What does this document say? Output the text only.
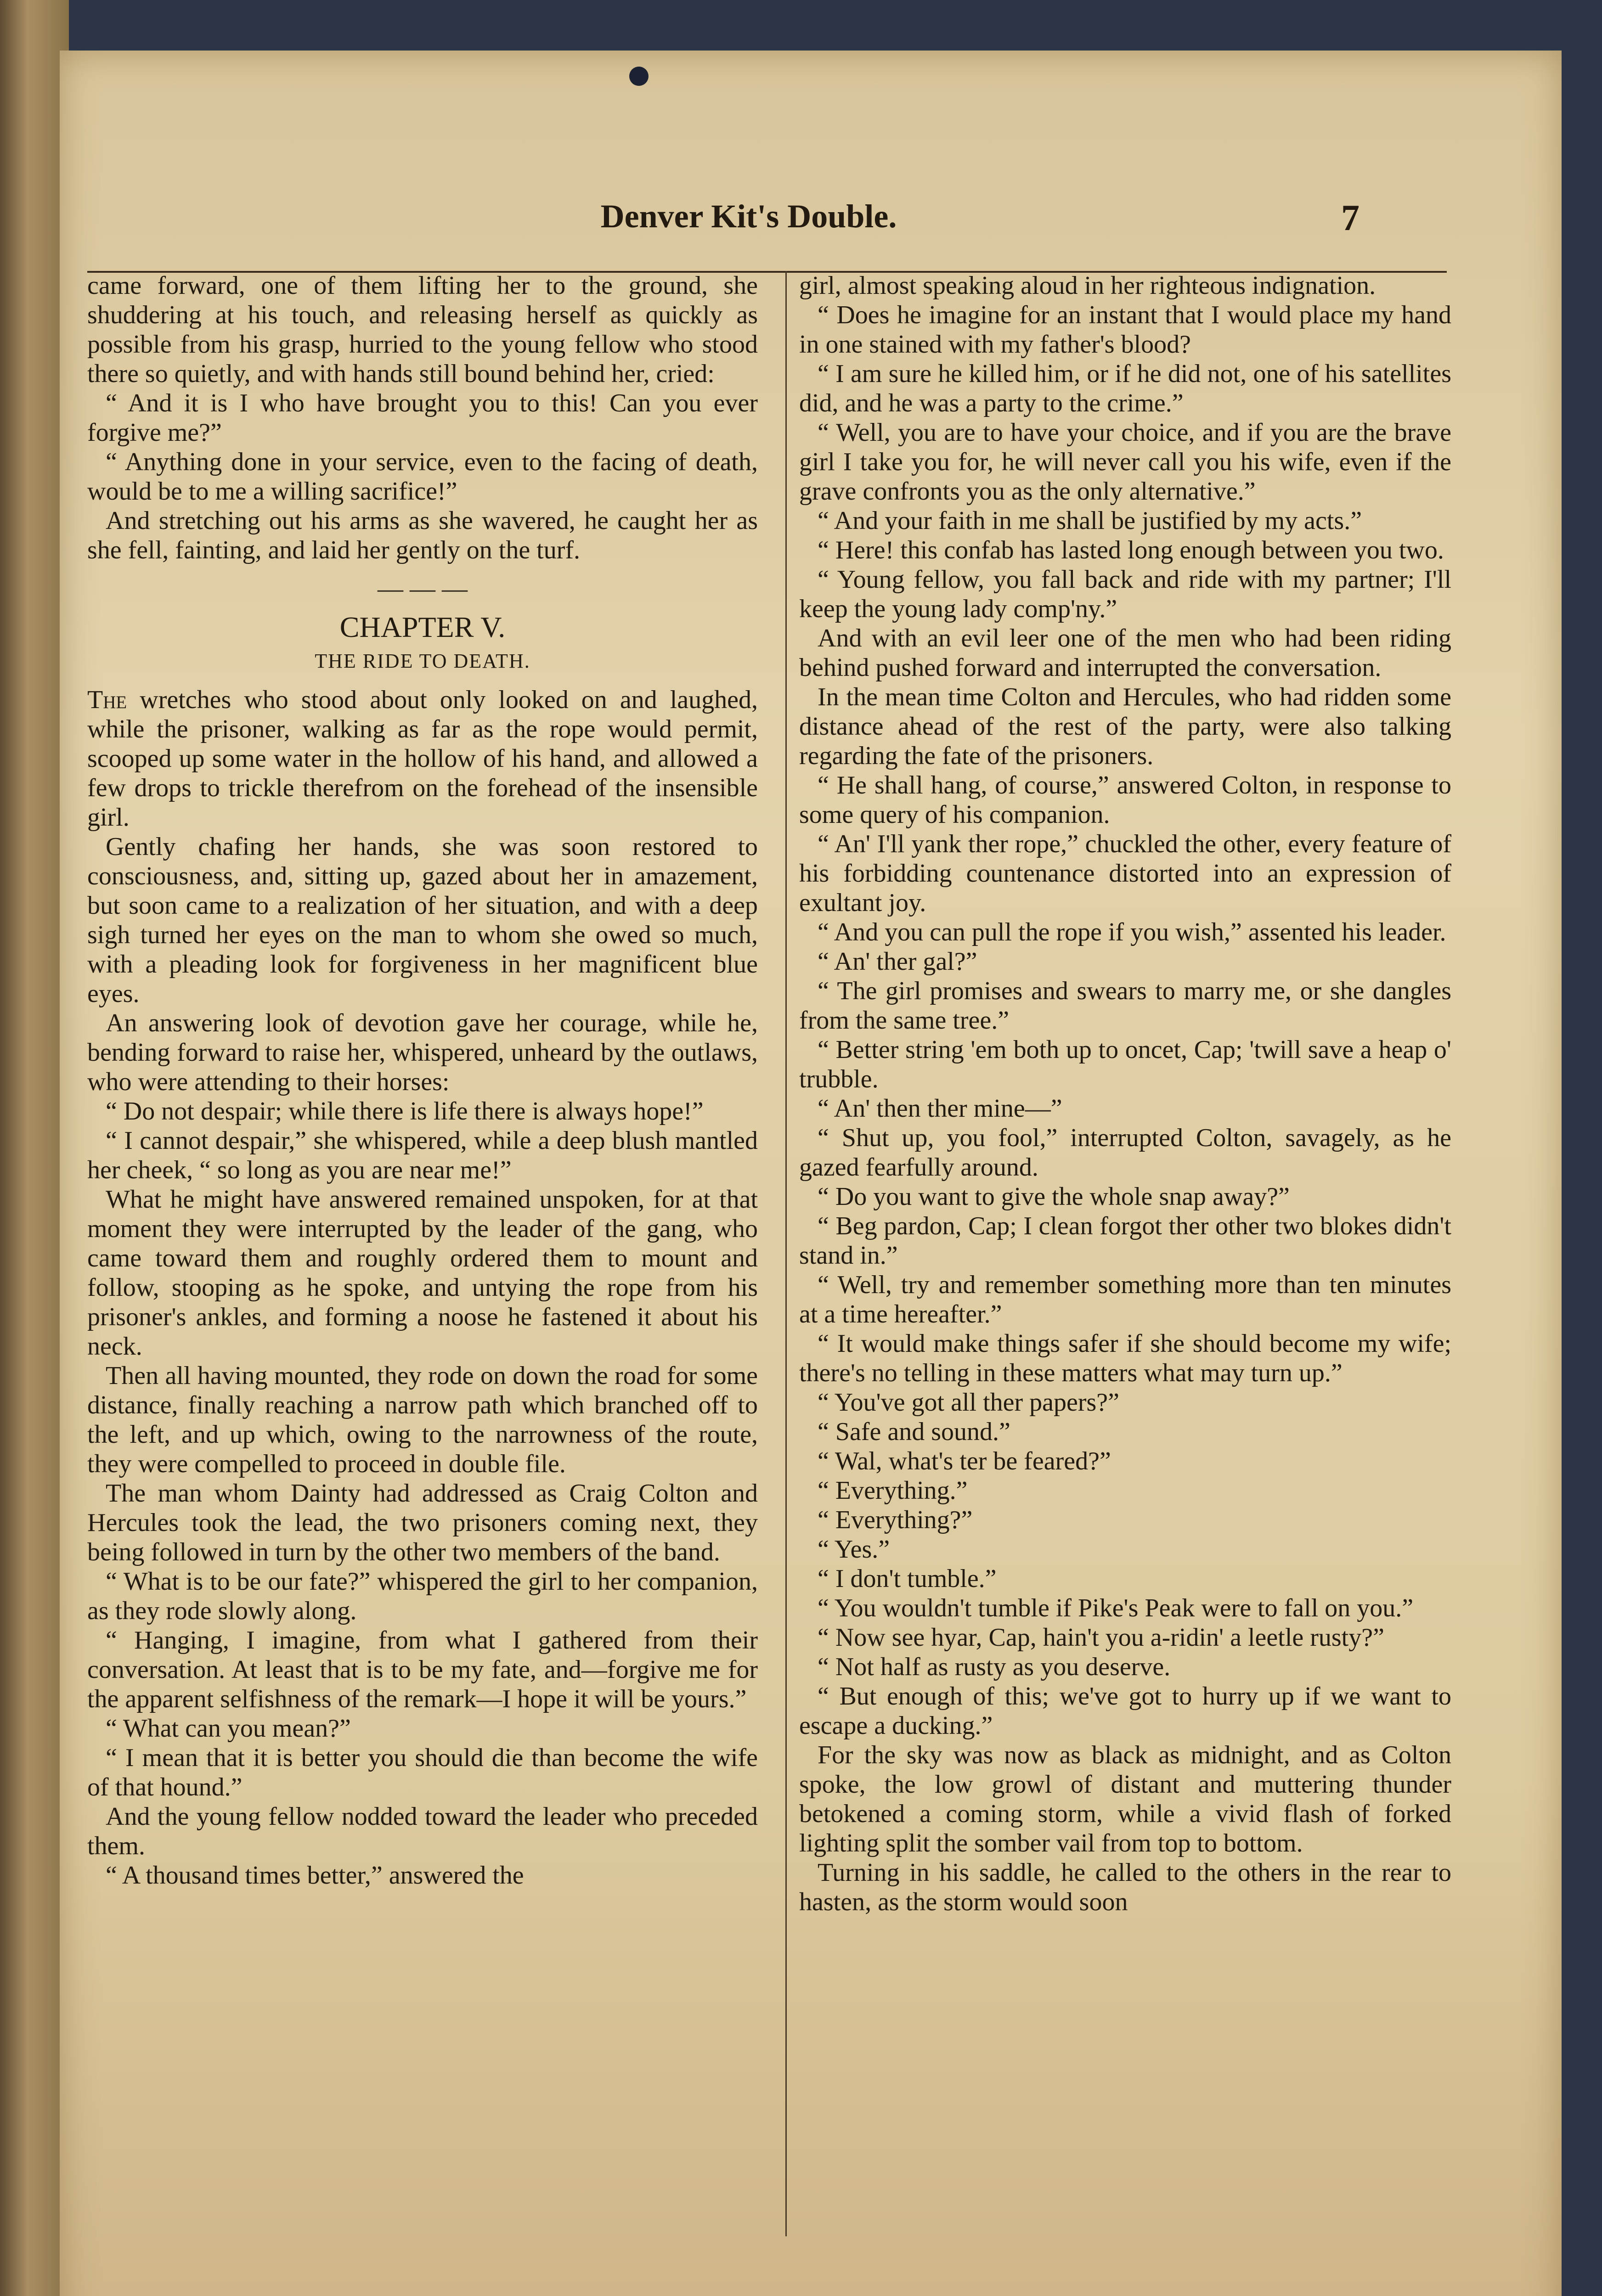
Denver Kit's Double.	7

came forward, one of them lifting her to the ground, she shuddering at his touch, and releasing herself as quickly as possible from his grasp, hurried to the young fellow who stood there so quietly, and with hands still bound behind her, cried:

“ And it is I who have brought you to this! Can you ever forgive me?”

“ Anything done in your service, even to the facing of death, would be to me a willing sacrifice!”

And stretching out his arms as she wavered, he caught her as she fell, fainting, and laid her gently on the turf.

— — —
CHAPTER V.
THE RIDE TO DEATH.

The wretches who stood about only looked on and laughed, while the prisoner, walking as far as the rope would permit, scooped up some water in the hollow of his hand, and allowed a few drops to trickle therefrom on the forehead of the insensible girl.

Gently chafing her hands, she was soon restored to consciousness, and, sitting up, gazed about her in amazement, but soon came to a realization of her situation, and with a deep sigh turned her eyes on the man to whom she owed so much, with a pleading look for forgiveness in her magnificent blue eyes.

An answering look of devotion gave her courage, while he, bending forward to raise her, whispered, unheard by the outlaws, who were attending to their horses:

“ Do not despair; while there is life there is always hope!”

“ I cannot despair,” she whispered, while a deep blush mantled her cheek, “ so long as you are near me!”

What he might have answered remained unspoken, for at that moment they were interrupted by the leader of the gang, who came toward them and roughly ordered them to mount and follow, stooping as he spoke, and untying the rope from his prisoner's ankles, and forming a noose he fastened it about his neck.

Then all having mounted, they rode on down the road for some distance, finally reaching a narrow path which branched off to the left, and up which, owing to the narrowness of the route, they were compelled to proceed in double file.

The man whom Dainty had addressed as Craig Colton and Hercules took the lead, the two prisoners coming next, they being followed in turn by the other two members of the band.

“ What is to be our fate?” whispered the girl to her companion, as they rode slowly along.

“ Hanging, I imagine, from what I gathered from their conversation. At least that is to be my fate, and—forgive me for the apparent selfishness of the remark—I hope it will be yours.”

“ What can you mean?”

“ I mean that it is better you should die than become the wife of that hound.”

And the young fellow nodded toward the leader who preceded them.

“ A thousand times better,” answered the

girl, almost speaking aloud in her righteous indignation.

“ Does he imagine for an instant that I would place my hand in one stained with my father's blood?

“ I am sure he killed him, or if he did not, one of his satellites did, and he was a party to the crime.”

“ Well, you are to have your choice, and if you are the brave girl I take you for, he will never call you his wife, even if the grave confronts you as the only alternative.”

“ And your faith in me shall be justified by my acts.”

“ Here! this confab has lasted long enough between you two.

“ Young fellow, you fall back and ride with my partner; I'll keep the young lady comp'ny.”

And with an evil leer one of the men who had been riding behind pushed forward and interrupted the conversation.

In the mean time Colton and Hercules, who had ridden some distance ahead of the rest of the party, were also talking regarding the fate of the prisoners.

“ He shall hang, of course,” answered Colton, in response to some query of his companion.

“ An' I'll yank ther rope,” chuckled the other, every feature of his forbidding countenance distorted into an expression of exultant joy.

“ And you can pull the rope if you wish,” assented his leader.

“ An' ther gal?”

“ The girl promises and swears to marry me, or she dangles from the same tree.”

“ Better string 'em both up to oncet, Cap; 'twill save a heap o' trubble.

“ An' then ther mine—”

“ Shut up, you fool,” interrupted Colton, savagely, as he gazed fearfully around.

“ Do you want to give the whole snap away?”

“ Beg pardon, Cap; I clean forgot ther other two blokes didn't stand in.”

“ Well, try and remember something more than ten minutes at a time hereafter.”

“ It would make things safer if she should become my wife; there's no telling in these matters what may turn up.”

“ You've got all ther papers?”

“ Safe and sound.”

“ Wal, what's ter be feared?”

“ Everything.”

“ Everything?”

“ Yes.”

“ I don't tumble.”

“ You wouldn't tumble if Pike's Peak were to fall on you.”

“ Now see hyar, Cap, hain't you a-ridin' a leetle rusty?”

“ Not half as rusty as you deserve.

“ But enough of this; we've got to hurry up if we want to escape a ducking.”

For the sky was now as black as midnight, and as Colton spoke, the low growl of distant and muttering thunder betokened a coming storm, while a vivid flash of forked lighting split the somber vail from top to bottom.

Turning in his saddle, he called to the others in the rear to hasten, as the storm would soon
